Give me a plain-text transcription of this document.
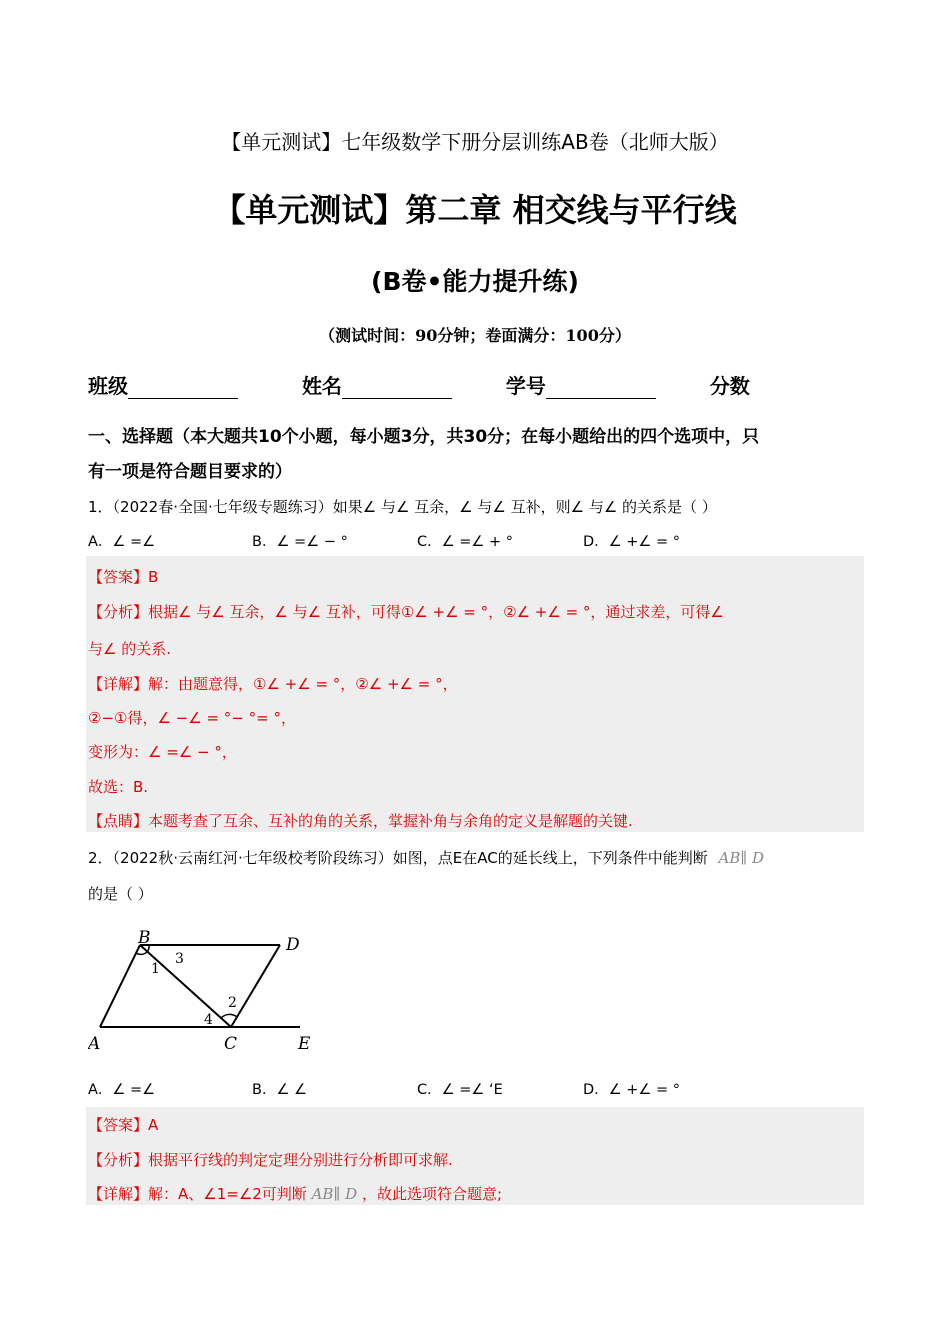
【单元测试】七年级数学下册分层训练AB卷（北师大版）
【单元测试】第二章 相交线与平行线
(B卷•能力提升练)
（测试时间：90分钟；卷面满分：100分）
班级	姓名	学号	分数
一、选择题（本大题共10个小题，每小题3分，共30分；在每小题给出的四个选项中，只
有一项是符合题目要求的）
1．（2022春·全国·七年级专题练习）如果∠ 与∠ 互余，∠ 与∠ 互补，则∠ 与∠ 的关系是（ ）
A．∠ =∠	B．∠ =∠ − °	C．∠ =∠ + °	D．∠ +∠ = °
【答案】B
【分析】根据∠ 与∠ 互余，∠ 与∠ 互补，可得①∠ +∠ = °，②∠ +∠ = °，通过求差，可得∠
与∠ 的关系.
【详解】解：由题意得，①∠ +∠ = °，②∠ +∠ = °，
②−①得，∠ −∠ = °− °= °，
变形为：∠ =∠ − °，
故选：B.
【点睛】本题考查了互余、互补的角的关系，掌握补角与余角的定义是解题的关键.
2．（2022秋·云南红河·七年级校考阶段练习）如图，点E在AC的延长线上，下列条件中能判断 AB∥ D
的是（ ）
A
B
C
D
E
1
2
3
4
A．∠ =∠	B．∠ ∠	C．∠ =∠ ‘E	D．∠ +∠ = °
【答案】A
【分析】根据平行线的判定定理分别进行分析即可求解.
【详解】解：A、∠1=∠2可判断 AB∥ D ，故此选项符合题意;
